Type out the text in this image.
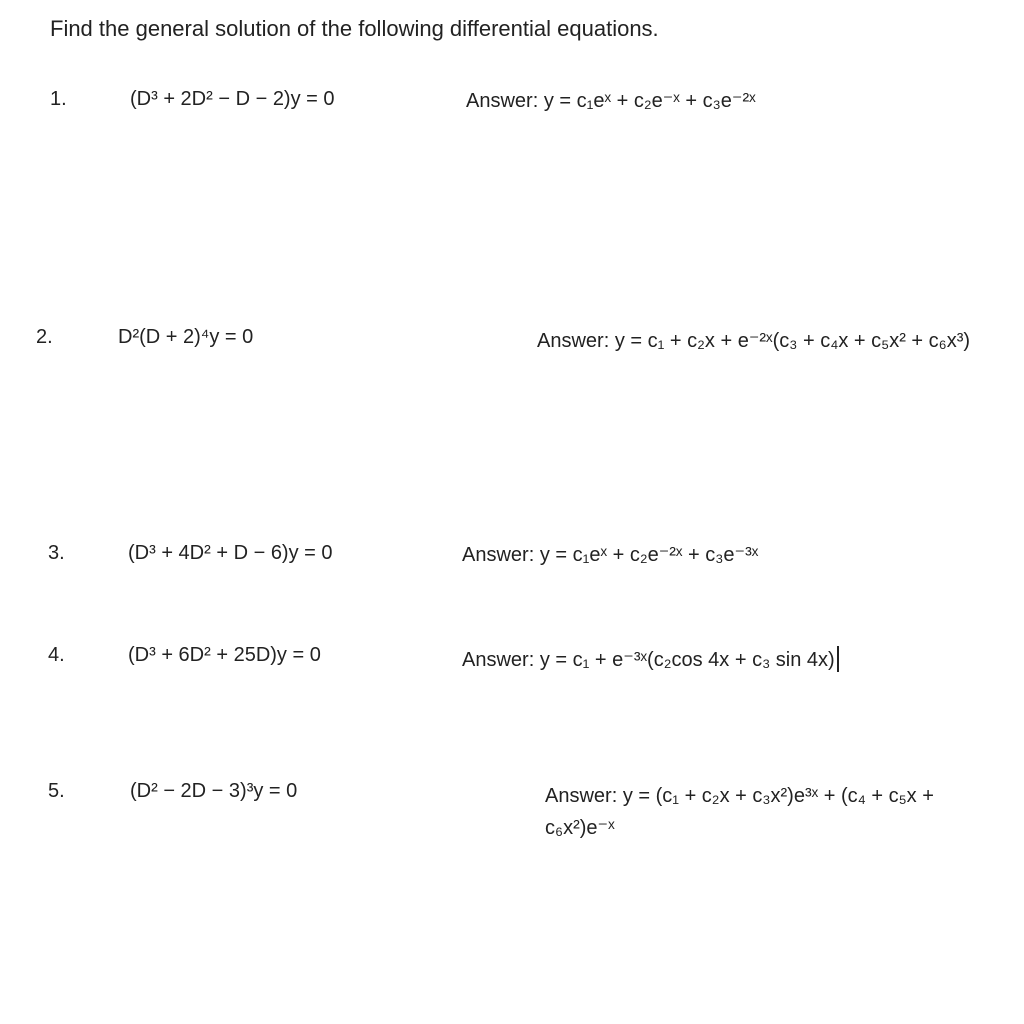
Find the general solution of the following differential equations.
1.	(D³ + 2D² − D − 2)y = 0	Answer: y = c₁eˣ + c₂e⁻ˣ + c₃e⁻²ˣ
2.	D²(D + 2)⁴y = 0	Answer: y = c₁ + c₂x + e⁻²ˣ(c₃ + c₄x + c₅x² + c₆x³)
3.	(D³ + 4D² + D − 6)y = 0	Answer: y = c₁eˣ + c₂e⁻²ˣ + c₃e⁻³ˣ
4.	(D³ + 6D² + 25D)y = 0	Answer: y = c₁ + e⁻³ˣ(c₂cos 4x + c₃ sin 4x)
5.	(D² − 2D − 3)³y = 0	Answer: y = (c₁ + c₂x + c₃x²)e³ˣ + (c₄ + c₅x + c₆x²)e⁻ˣ
